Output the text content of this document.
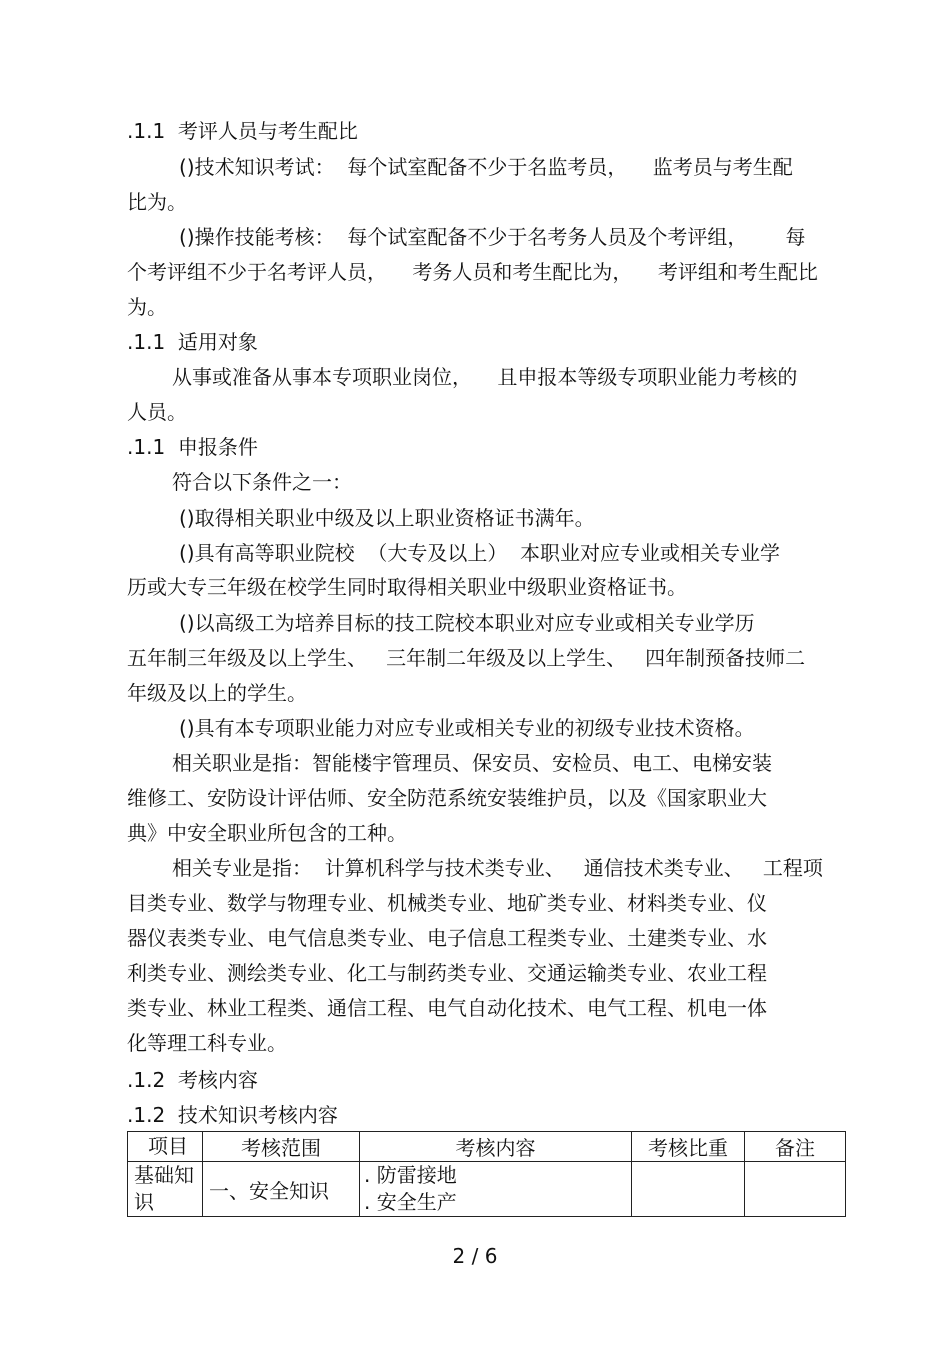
.1.1  考评人员与考生配比
()技术知识考试：  每个试室配备不少于名监考员，    监考员与考生配
比为。
()操作技能考核：  每个试室配备不少于名考务人员及个考评组，      每
个考评组不少于名考评人员，    考务人员和考生配比为，    考评组和考生配比
为。
.1.1  适用对象
从事或准备从事本专项职业岗位，    且申报本等级专项职业能力考核的
人员。
.1.1  申报条件
符合以下条件之一：
()取得相关职业中级及以上职业资格证书满年。
()具有高等职业院校  （大专及以上）  本职业对应专业或相关专业学
历或大专三年级在校学生同时取得相关职业中级职业资格证书。
()以高级工为培养目标的技工院校本职业对应专业或相关专业学历
五年制三年级及以上学生、   三年制二年级及以上学生、   四年制预备技师二
年级及以上的学生。
()具有本专项职业能力对应专业或相关专业的初级专业技术资格。
相关职业是指：智能楼宇管理员、保安员、安检员、电工、电梯安装
维修工、安防设计评估师、安全防范系统安装维护员，以及《国家职业大
典》中安全职业所包含的工种。
相关专业是指：  计算机科学与技术类专业、   通信技术类专业、   工程项
目类专业、数学与物理专业、机械类专业、地矿类专业、材料类专业、仪
器仪表类专业、电气信息类专业、电子信息工程类专业、土建类专业、水
利类专业、测绘类专业、化工与制药类专业、交通运输类专业、农业工程
类专业、林业工程类、通信工程、电气自动化技术、电气工程、机电一体
化等理工科专业。
.1.2  考核内容
.1.2  技术知识考核内容
项目	考核范围	考核内容	考核比重	备注
基础知识	一、安全知识	. 防雷接地
. 安全生产		

2 / 6
